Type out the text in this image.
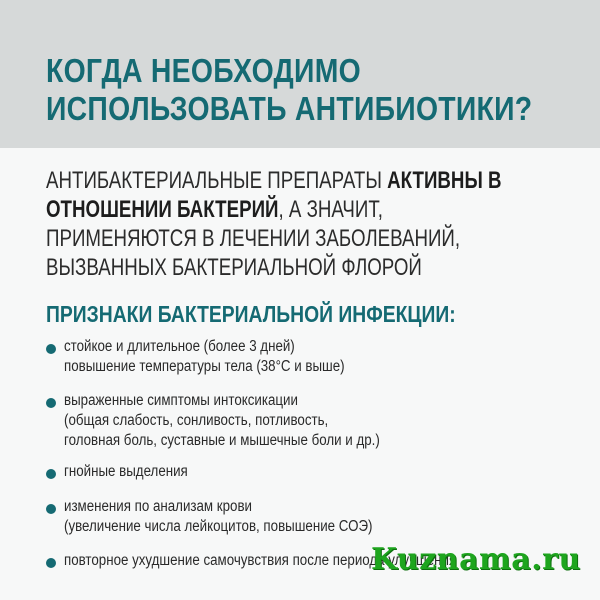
КОГДА НЕОБХОДИМО
ИСПОЛЬЗОВАТЬ АНТИБИОТИКИ?

АНТИБАКТЕРИАЛЬНЫЕ ПРЕПАРАТЫ АКТИВНЫ В
ОТНОШЕНИИ БАКТЕРИЙ, А ЗНАЧИТ,
ПРИМЕНЯЮТСЯ В ЛЕЧЕНИИ ЗАБОЛЕВАНИЙ,
ВЫЗВАННЫХ БАКТЕРИАЛЬНОЙ ФЛОРОЙ

ПРИЗНАКИ БАКТЕРИАЛЬНОЙ ИНФЕКЦИИ:
стойкое и длительное (более 3 дней)
повышение температуры тела (38°C и выше)
выраженные симптомы интоксикации
(общая слабость, сонливость, потливость,
головная боль, суставные и мышечные боли и др.)
гнойные выделения
изменения по анализам крови
(увеличение числа лейкоцитов, повышение СОЭ)
повторное ухудшение самочувствия после периода улучшения
Kuznama.ru
